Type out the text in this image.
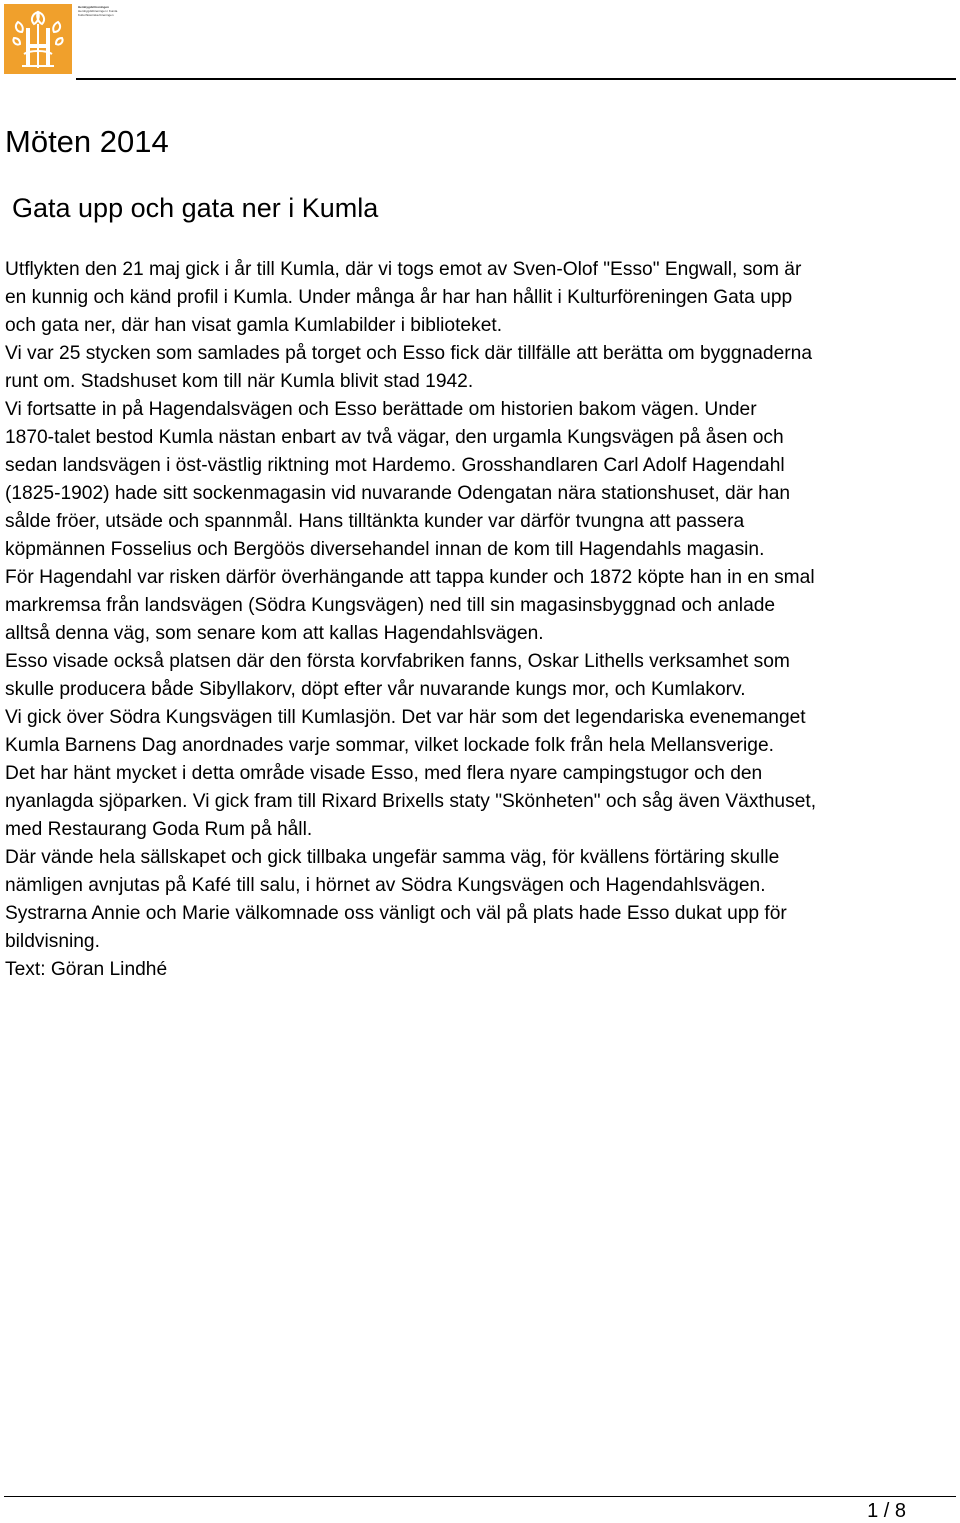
Hembygdsföreningen
Hembygdsföreningen i Kumla
Kulturhistoriska föreningen
Möten 2014
Gata upp och gata ner i Kumla
Utflykten den 21 maj gick i år till Kumla, där vi togs emot av Sven-Olof "Esso" Engwall, som är
en kunnig och känd profil i Kumla. Under många år har han hållit i Kulturföreningen Gata upp
och gata ner, där han visat gamla Kumlabilder i biblioteket.
Vi var 25 stycken som samlades på torget och Esso fick där tillfälle att berätta om byggnaderna
runt om. Stadshuset kom till när Kumla blivit stad 1942.
Vi fortsatte in på Hagendalsvägen och Esso berättade om historien bakom vägen. Under
1870-talet bestod Kumla nästan enbart av två vägar, den urgamla Kungsvägen på åsen och
sedan landsvägen i öst-västlig riktning mot Hardemo. Grosshandlaren Carl Adolf Hagendahl
(1825-1902) hade sitt sockenmagasin vid nuvarande Odengatan nära stationshuset, där han
sålde fröer, utsäde och spannmål. Hans tilltänkta kunder var därför tvungna att passera
köpmännen Fosselius och Bergöös diversehandel innan de kom till Hagendahls magasin.
För Hagendahl var risken därför överhängande att tappa kunder och 1872 köpte han in en smal
markremsa från landsvägen (Södra Kungsvägen) ned till sin magasinsbyggnad och anlade
alltså denna väg, som senare kom att kallas Hagendahlsvägen.
Esso visade också platsen där den första korvfabriken fanns, Oskar Lithells verksamhet som
skulle producera både Sibyllakorv, döpt efter vår nuvarande kungs mor, och Kumlakorv.
Vi gick över Södra Kungsvägen till Kumlasjön. Det var här som det legendariska evenemanget
Kumla Barnens Dag anordnades varje sommar, vilket lockade folk från hela Mellansverige.
Det har hänt mycket i detta område visade Esso, med flera nyare campingstugor och den
nyanlagda sjöparken. Vi gick fram till Rixard Brixells staty "Skönheten" och såg även Växthuset,
med Restaurang Goda Rum på håll.
Där vände hela sällskapet och gick tillbaka ungefär samma väg, för kvällens förtäring skulle
nämligen avnjutas på Kafé till salu, i hörnet av Södra Kungsvägen och Hagendahlsvägen.
Systrarna Annie och Marie välkomnade oss vänligt och väl på plats hade Esso dukat upp för
bildvisning.
Text: Göran Lindhé
1 / 8
